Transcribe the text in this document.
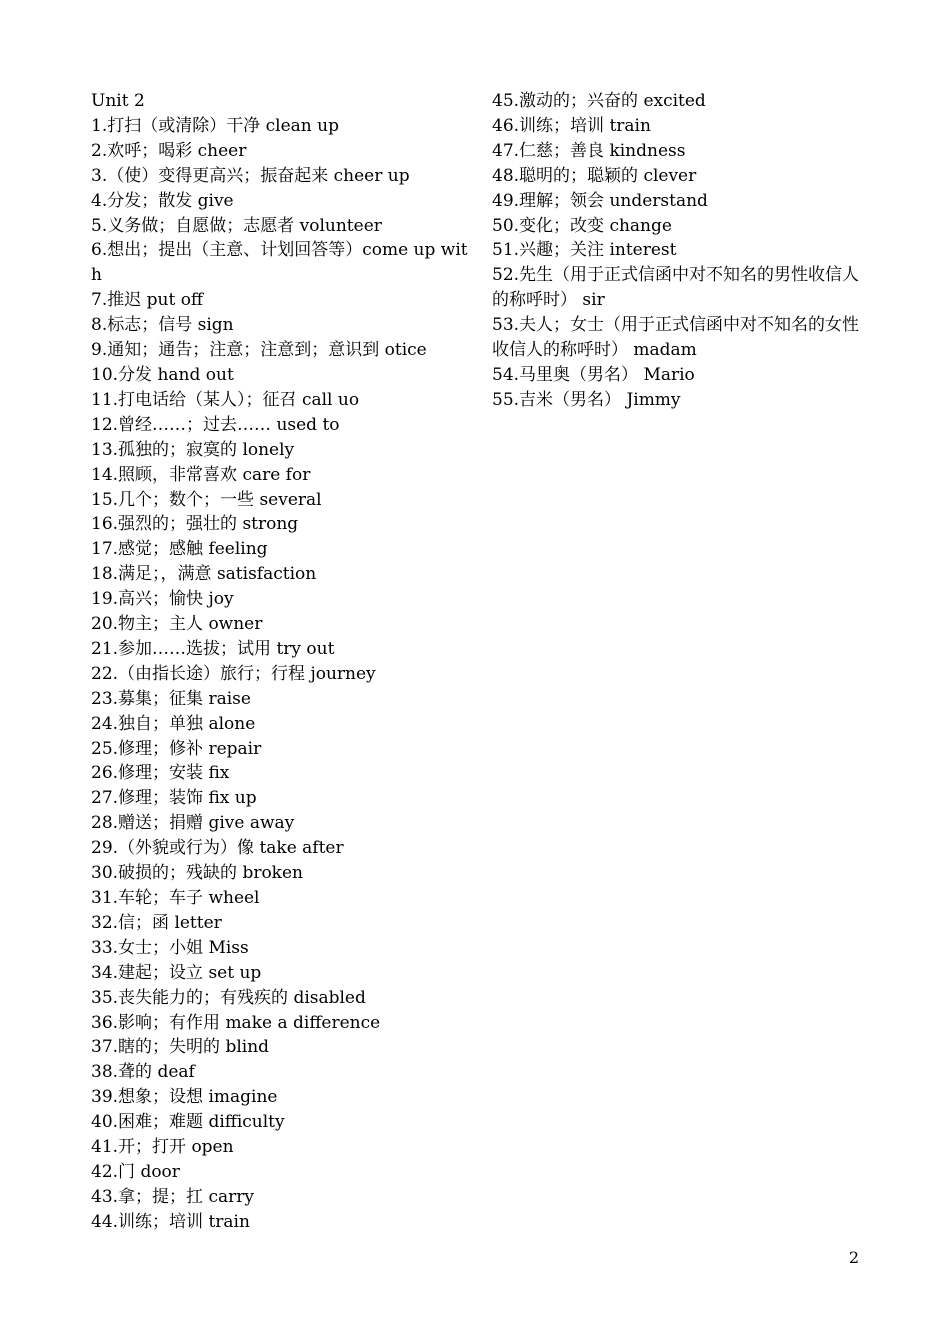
Unit 2
1.打扫（或清除）干净 clean up
2.欢呼；喝彩 cheer
3.（使）变得更高兴；振奋起来 cheer up
4.分发；散发 give
5.义务做；自愿做；志愿者 volunteer
6.想出；提出（主意、计划回答等）come up with
7.推迟 put off
8.标志；信号 sign
9.通知；通告；注意；注意到；意识到 otice
10.分发 hand out
11.打电话给（某人）；征召 call uo
12.曾经……；过去…… used to
13.孤独的；寂寞的 lonely
14.照顾，非常喜欢 care for
15.几个；数个；一些 several
16.强烈的；强壮的 strong
17.感觉；感触 feeling
18.满足；，满意 satisfaction
19.高兴；愉快 joy
20.物主；主人 owner
21.参加……选拔；试用 try out
22.（由指长途）旅行；行程 journey
23.募集；征集 raise
24.独自；单独 alone
25.修理；修补 repair
26.修理；安装 fix
27.修理；装饰 fix up
28.赠送；捐赠 give away
29.（外貌或行为）像 take after
30.破损的；残缺的 broken
31.车轮；车子 wheel
32.信；函 letter
33.女士；小姐 Miss
34.建起；设立 set up
35.丧失能力的；有残疾的 disabled
36.影响；有作用 make a difference
37.瞎的；失明的 blind
38.聋的 deaf
39.想象；设想 imagine
40.困难；难题 difficulty
41.开；打开 open
42.门 door
43.拿；提；扛 carry
44.训练；培训 train
45.激动的；兴奋的 excited
46.训练；培训 train
47.仁慈；善良 kindness
48.聪明的；聪颖的 clever
49.理解；领会 understand
50.变化；改变 change
51.兴趣；关注 interest
52.先生（用于正式信函中对不知名的男性收信人的称呼时） sir
53.夫人；女士（用于正式信函中对不知名的女性收信人的称呼时） madam
54.马里奥（男名） Mario
55.吉米（男名） Jimmy
2
